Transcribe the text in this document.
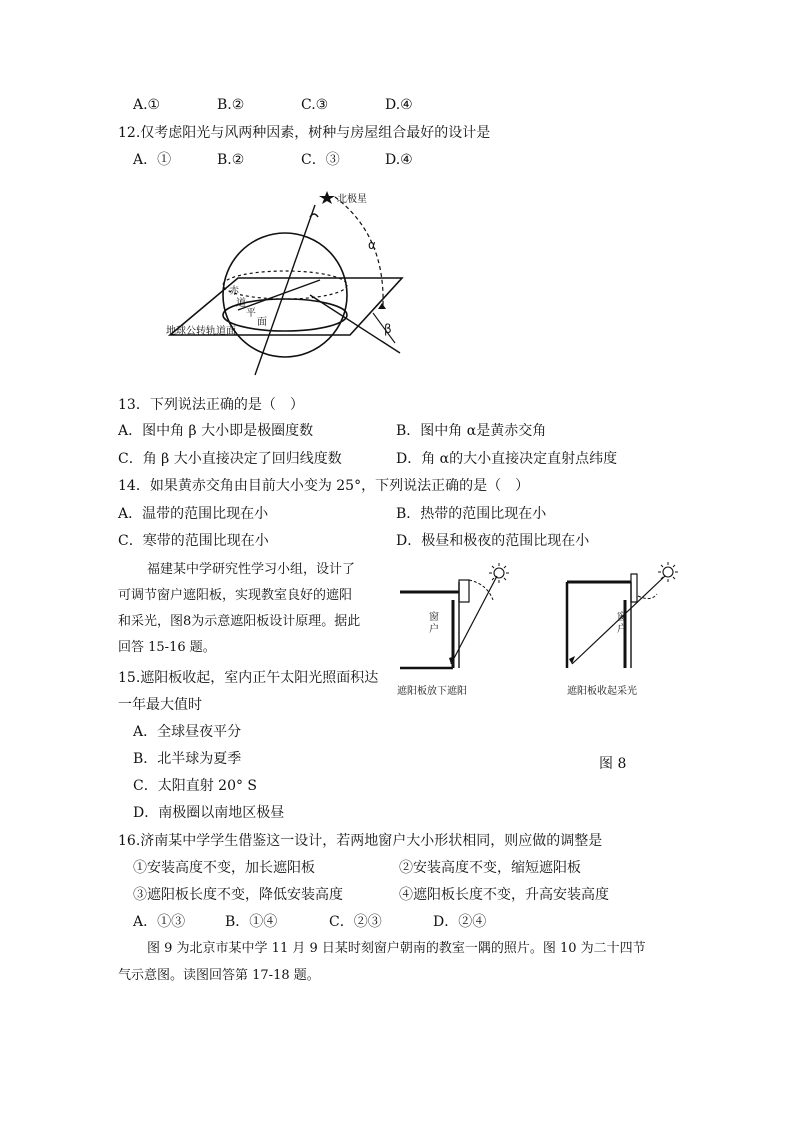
A.①	B.②	C.③	D.④
12.仅考虑阳光与风两种因素，树种与房屋组合最好的设计是
A．①	B.②	C．③	D.④
北极星
α
β
赤
道
平
面
地球公转轨道面
13．下列说法正确的是（　）
A．图中角 β 大小即是极圈度数	B．图中角 α是黄赤交角
C．角 β 大小直接决定了回归线度数	D．角 α的大小直接决定直射点纬度
14．如果黄赤交角由目前大小变为 25°，下列说法正确的是（　）
A．温带的范围比现在小	B．热带的范围比现在小
C．寒带的范围比现在小	D．极昼和极夜的范围比现在小
福建某中学研究性学习小组，设计了
可调节窗户遮阳板，实现教室良好的遮阳
和采光，图8为示意遮阳板设计原理。据此
回答 15-16 题。
窗户
窗户
遮阳板放下遮阳	遮阳板收起采光
图 8
15.遮阳板收起，室内正午太阳光照面积达
一年最大值时
A．全球昼夜平分
B．北半球为夏季
C．太阳直射 20° S
D．南极圈以南地区极昼
16.济南某中学学生借鉴这一设计，若两地窗户大小形状相同，则应做的调整是
①安装高度不变，加长遮阳板	②安装高度不变，缩短遮阳板
③遮阳板长度不变，降低安装高度	④遮阳板长度不变，升高安装高度
A．①③	B．①④	C．②③	D．②④
图 9 为北京市某中学 11 月 9 日某时刻窗户朝南的教室一隅的照片。图 10 为二十四节
气示意图。读图回答第 17-18 题。
